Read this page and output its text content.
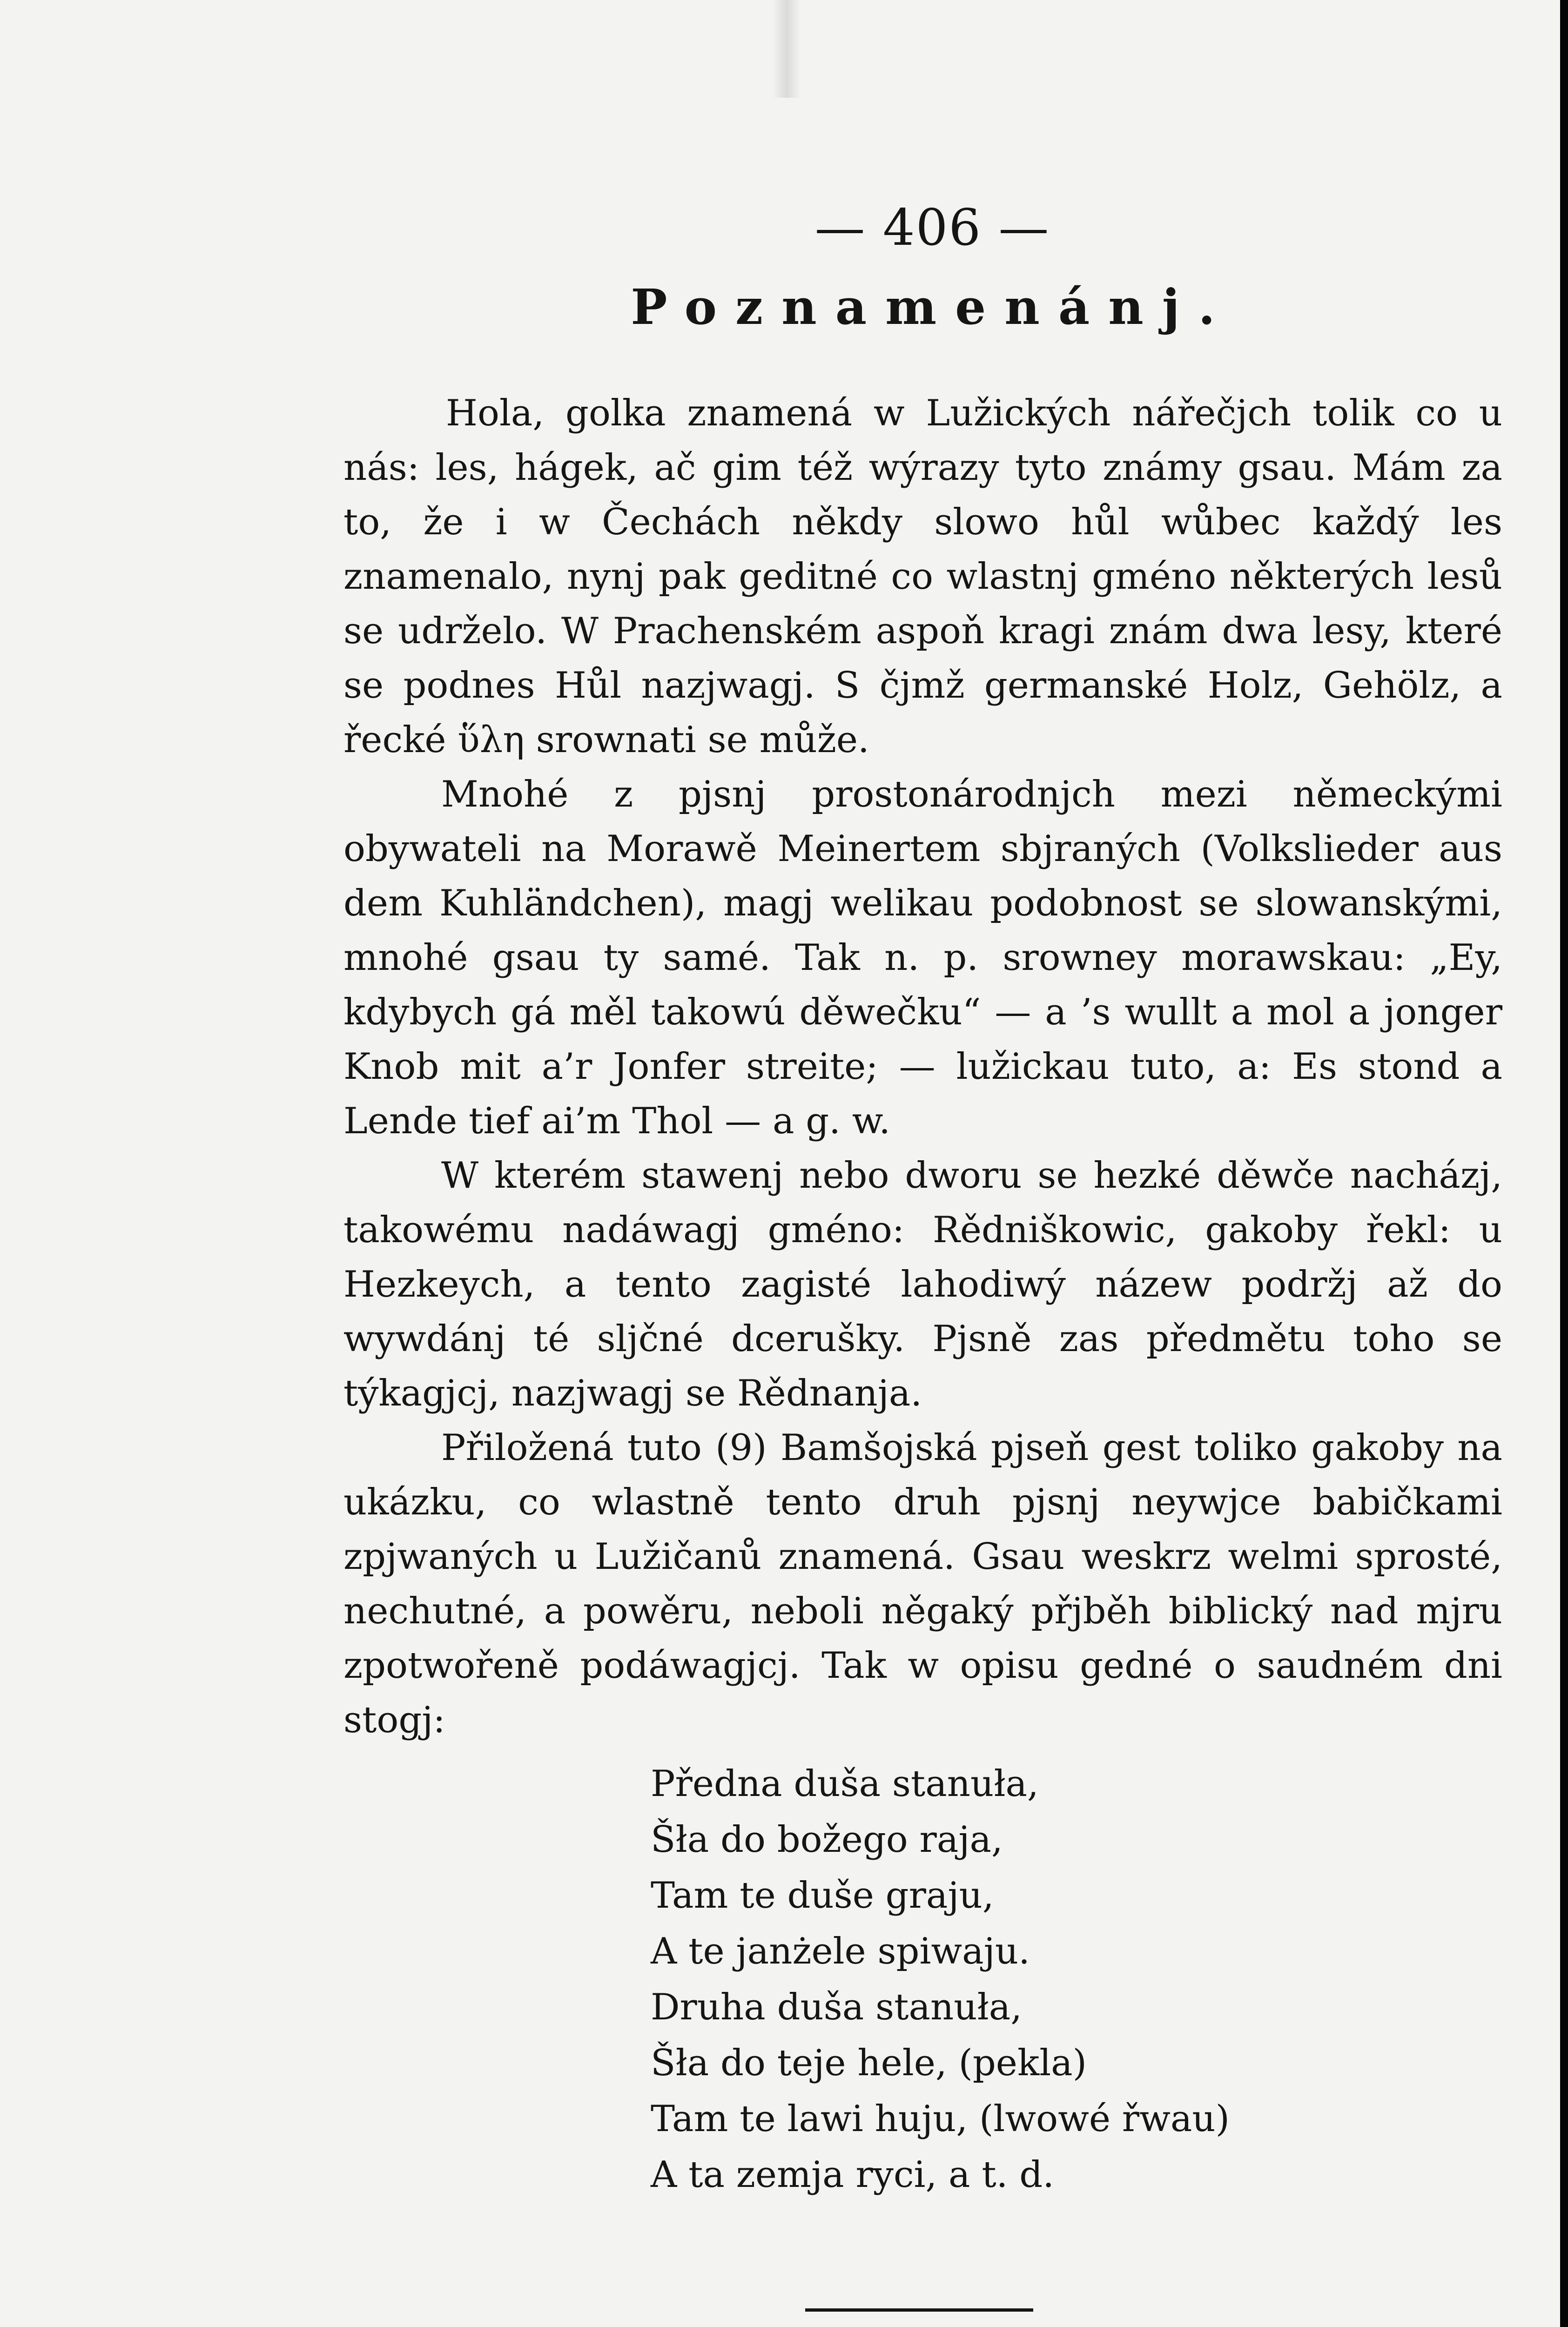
— 406 —
Poznamenánj.

Hola, golka znamená w Lužických nářečjch tolik co u nás: les, hágek, ač gim též wýrazy tyto známy gsau. Mám za to, že i w Čechách někdy slowo hůl wůbec každý les znamenalo, nynj pak geditné co wlastnj gméno některých lesů se udrželo. W Prachenském aspoň kragi znám dwa lesy, které se podnes Hůl nazjwagj. S čjmž germanské Holz, Gehölz, a řecké ὕλη srownati se může.

Mnohé z pjsnj prostonárodnjch mezi německými obywateli na Morawě Meinertem sbjraných (Volkslieder aus dem Kuhländchen), magj welikau podobnost se slowanskými, mnohé gsau ty samé. Tak n. p. srowney morawskau: „Ey, kdybych gá měl takowú děwečku“ — a ’s wullt a mol a jonger Knob mit a’r Jonfer streite; — lužickau tuto, a: Es stond a Lende tief ai’m Thol — a g. w.

W kterém stawenj nebo dworu se hezké děwče nacházj, takowému nadáwagj gméno: Rědniškowic, gakoby řekl: u Hezkeych, a tento zagisté lahodiwý názew podržj až do wywdánj té sljčné dcerušky. Pjsně zas předmětu toho se týkagjcj, nazjwagj se Rědnanja.

Přiložená tuto (9) Bamšojská pjseň gest toliko gakoby na ukázku, co wlastně tento druh pjsnj neywjce babičkami zpjwaných u Lužičanů znamená. Gsau weskrz welmi sprosté, nechutné, a powěru, neboli něgaký přjběh biblický nad mjru zpotwořeně podáwagjcj. Tak w opisu gedné o saudném dni stogj:

Předna duša stanuła,
Šła do božego raja,
Tam te duše graju,
A te janżele spiwaju.
Druha duša stanuła,
Šła do teje hele, (pekla)
Tam te lawi huju, (lwowé řwau)
A ta zemja ryci, a t. d.
